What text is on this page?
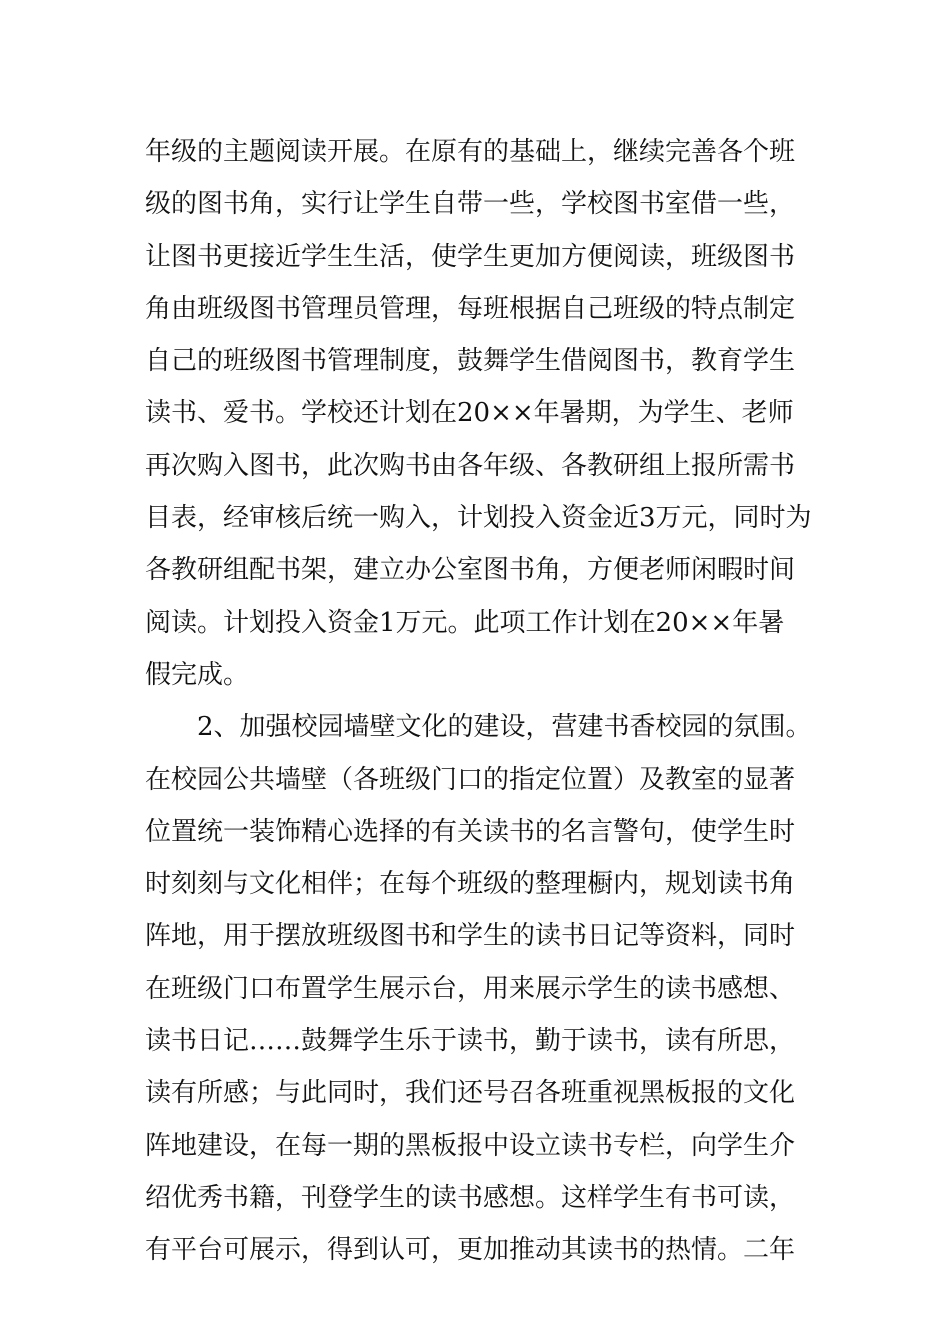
年级的主题阅读开展。在原有的基础上，继续完善各个班
级的图书角，实行让学生自带一些，学校图书室借一些，
让图书更接近学生生活，使学生更加方便阅读，班级图书
角由班级图书管理员管理，每班根据自己班级的特点制定
自己的班级图书管理制度，鼓舞学生借阅图书，教育学生
读书、爱书。学校还计划在20××年暑期，为学生、老师
再次购入图书，此次购书由各年级、各教研组上报所需书
目表，经审核后统一购入，计划投入资金近3万元，同时为
各教研组配书架，建立办公室图书角，方便老师闲暇时间
阅读。计划投入资金1万元。此项工作计划在20××年暑
假完成。
2、加强校园墙壁文化的建设，营建书香校园的氛围。
在校园公共墙壁（各班级门口的指定位置）及教室的显著
位置统一装饰精心选择的有关读书的名言警句，使学生时
时刻刻与文化相伴；在每个班级的整理橱内，规划读书角
阵地，用于摆放班级图书和学生的读书日记等资料，同时
在班级门口布置学生展示台，用来展示学生的读书感想、
读书日记……鼓舞学生乐于读书，勤于读书，读有所思，
读有所感；与此同时，我们还号召各班重视黑板报的文化
阵地建设，在每一期的黑板报中设立读书专栏，向学生介
绍优秀书籍，刊登学生的读书感想。这样学生有书可读，
有平台可展示，得到认可，更加推动其读书的热情。二年
